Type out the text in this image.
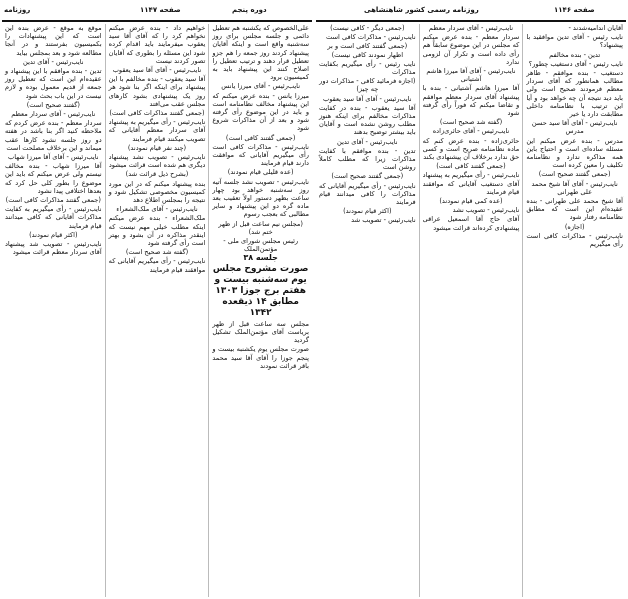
روزنامه	صفحه ۱۱۴۷	دوره پنجم

علی‌الخصوص که یکشنبه هم تعطیل دائمی و جلسه مجلس برای روز سه‌شنبه واقع است و اینکه آقایان پیشنهاد کردند روز جمعه را هم جزو تعطیل قرار دهند و ترتیب تعطیل را اصلاح کنند این پیشنهاد باید به کمیسیون برود

نایب‌رئیس - آقای میرزا یانس

میرزا یانس - بنده عرض میکنم که این پیشنهاد مخالف نظامنامه است و باید در این موضوع رأی گرفته شود و بعد از آن مذاکرات شروع شود

(جمعی گفتند کافی است)

نایب‌رئیس - مذاکرات کافی است رأی میگیریم آقایانی که موافقت دارند قیام فرمایند

(عده قلیلی قیام نمودند)

نایب‌رئیس - تصویب نشد جلسه آتیه روز سه‌شنبه خواهد بود چهار ساعت بظهر دستور اولاً تعقیب بعد ماده گره دو این پیشنهاد و سایر مطالبی که بعجب رسوم

(مجلس نیم ساعت قبل از ظهر ختم شد)

رئیس مجلس شورای ملی - مؤتمن‌الملک

جلسه ۳۸

صورت مشروح مجلس یوم سه‌شنبه بیست و هفتم برج جوزا ۱۳۰۳ مطابق ۱۴ ذیقعده ۱۳۴۲

مجلس سه ساعت قبل از ظهر بریاست آقای مؤتمن‌الملک تشکیل گردید

صورت مجلس یوم یکشنبه بیست و پنجم جوزا را آقای آقا سید محمد باقر قرائت نمودند

خواهیم داد - بنده عرض میکنم نخواهم کرد را که آقای آقا سید یعقوب میفرمایند باید اقدام کرده شود این مسئله را بطوری که آقایان تصور کردند نیست

نایب‌رئیس - آقای آقا سید یعقوب

آقا سید یعقوب - بنده مخالفم با این پیشنهاد برای اینکه اگر بنا شود هر روز یک پیشنهادی بشود کارهای مجلس عقب می‌افتد

(جمعی گفتند مذاکرات کافی است)

نایب‌رئیس - رأی میگیریم به پیشنهاد آقای سردار معظم آقایانی که تصویب میکنند قیام فرمایند

(چند نفر قیام نمودند)

نایب‌رئیس - تصویب نشد پیشنهاد دیگری هم شده است قرائت میشود

(بشرح ذیل قرائت شد)

بنده پیشنهاد میکنم که در این مورد کمیسیون مخصوصی تشکیل شود و نتیجه را بمجلس اطلاع دهد

نایب‌رئیس - آقای ملک‌الشعراء

ملک‌الشعراء - بنده عرض میکنم اینکه مطلب خیلی مهم نیست که اینقدر مذاکره در آن بشود و بهتر است رأی گرفته شود

(گفته شد صحیح است)

نایب‌رئیس - رأی میگیریم آقایانی که موافقند قیام فرمایند

موقع به موقع - عرض بنده این است که این پیشنهادات را بکمیسیون بفرستند و در آنجا مطالعه شود و بعد بمجلس بیاید

نایب‌رئیس - آقای تدین

تدین - بنده موافقم با این پیشنهاد و عقیده‌ام این است که تعطیل روز جمعه از قدیم معمول بوده و لازم نیست در این باب بحث شود

(گفتند صحیح است)

نایب‌رئیس - آقای سردار معظم

سردار معظم - بنده عرض کردم که ملاحظه کنید اگر بنا باشد در هفته دو روز جلسه نشود کارها عقب میماند و این برخلاف مصلحت است

نایب‌رئیس - آقای آقا میرزا شهاب

آقا میرزا شهاب - بنده مخالف نیستم ولی عرض میکنم که باید این موضوع را بطور کلی حل کرد که بعدها اختلافی پیدا نشود

(جمعی گفتند مذاکرات کافی است)

نایب‌رئیس - رأی میگیریم به کفایت مذاکرات آقایانی که کافی میدانند قیام فرمایند

(اکثر قیام نمودند)

نایب‌رئیس - تصویب شد پیشنهاد آقای سردار معظم قرائت میشود

روزنامه رسمی کشور شاهنشاهی	صفحه ۱۱۴۶

آقایان اندامیه‌شدند -

نایب رئیس - آقای تدین موافقید با پیشنهاد؟

تدین - بنده مخالفم

نایب رئیس - آقای دستغیب چطور؟

دستغیب - بنده موافقم - ظاهر مطالب همانطور که آقای سردار معظم فرمودند صحیح است ولی باید دید نتیجه آن چه خواهد بود و آیا این ترتیب با نظامنامه داخلی مطابقت دارد یا خیر

نایب‌رئیس - آقای آقا سید حسن مدرس

مدرس - بنده عرض میکنم این مسئله ساده‌ای است و احتیاج باین همه مذاکره ندارد و نظامنامه تکلیف را معین کرده است

(جمعی گفتند صحیح است)

نایب‌رئیس - آقای آقا شیخ محمد علی طهرانی

آقا شیخ محمد علی طهرانی - بنده عقیده‌ام این است که مطابق نظامنامه رفتار شود

(اجازه)

نایب‌رئیس - مذاکرات کافی است رأی میگیریم

نایب‌رئیس - آقای سردار معظم

سردار معظم - بنده عرض میکنم که مجلس در این موضوع سابقاً هم رأی داده است و تکرار آن لزومی ندارد

نایب‌رئیس - آقای آقا میرزا هاشم آشتیانی

آقا میرزا هاشم آشتیانی - بنده با پیشنهاد آقای سردار معظم موافقم و تقاضا میکنم که فوراً رأی گرفته شود

(گفته شد صحیح است)

نایب‌رئیس - آقای حائری‌زاده

حائری‌زاده - بنده عرض کنم که ماده نظامنامه صریح است و کسی حق ندارد برخلاف آن پیشنهادی بکند

(جمعی گفتند کافی است)

نایب‌رئیس - رأی میگیریم به پیشنهاد آقای دستغیب آقایانی که موافقند قیام فرمایند

(عده کمی قیام نمودند)

نایب‌رئیس - تصویب نشد

آقای حاج آقا اسمعیل عراقی پیشنهادی کرده‌اند قرائت میشود

(جمعی دیگر - کافی نیست)

نایب‌رئیس - مذاکرات کافی است

(جمعی گفتند کافی است و بر اظهار نمودند کافی نیست)

نایب رئیس - رأی میگیریم بکفایت مذاکرات

(اجازه فرمائید کافی - مذاکرات دور چه چیز)

نایب‌رئیس - آقای آقا سید یعقوب

آقا سید یعقوب - بنده در کفایت مذاکرات مخالفم برای اینکه هنوز مطلب روشن نشده است و آقایان باید بیشتر توضیح بدهند

نایب‌رئیس - آقای تدین

تدین - بنده موافقم با کفایت مذاکرات زیرا که مطلب کاملاً روشن است

(جمعی گفتند صحیح است)

نایب‌رئیس - رأی میگیریم آقایانی که مذاکرات را کافی میدانند قیام فرمایند

(اکثر قیام نمودند)

نایب‌رئیس - تصویب شد
